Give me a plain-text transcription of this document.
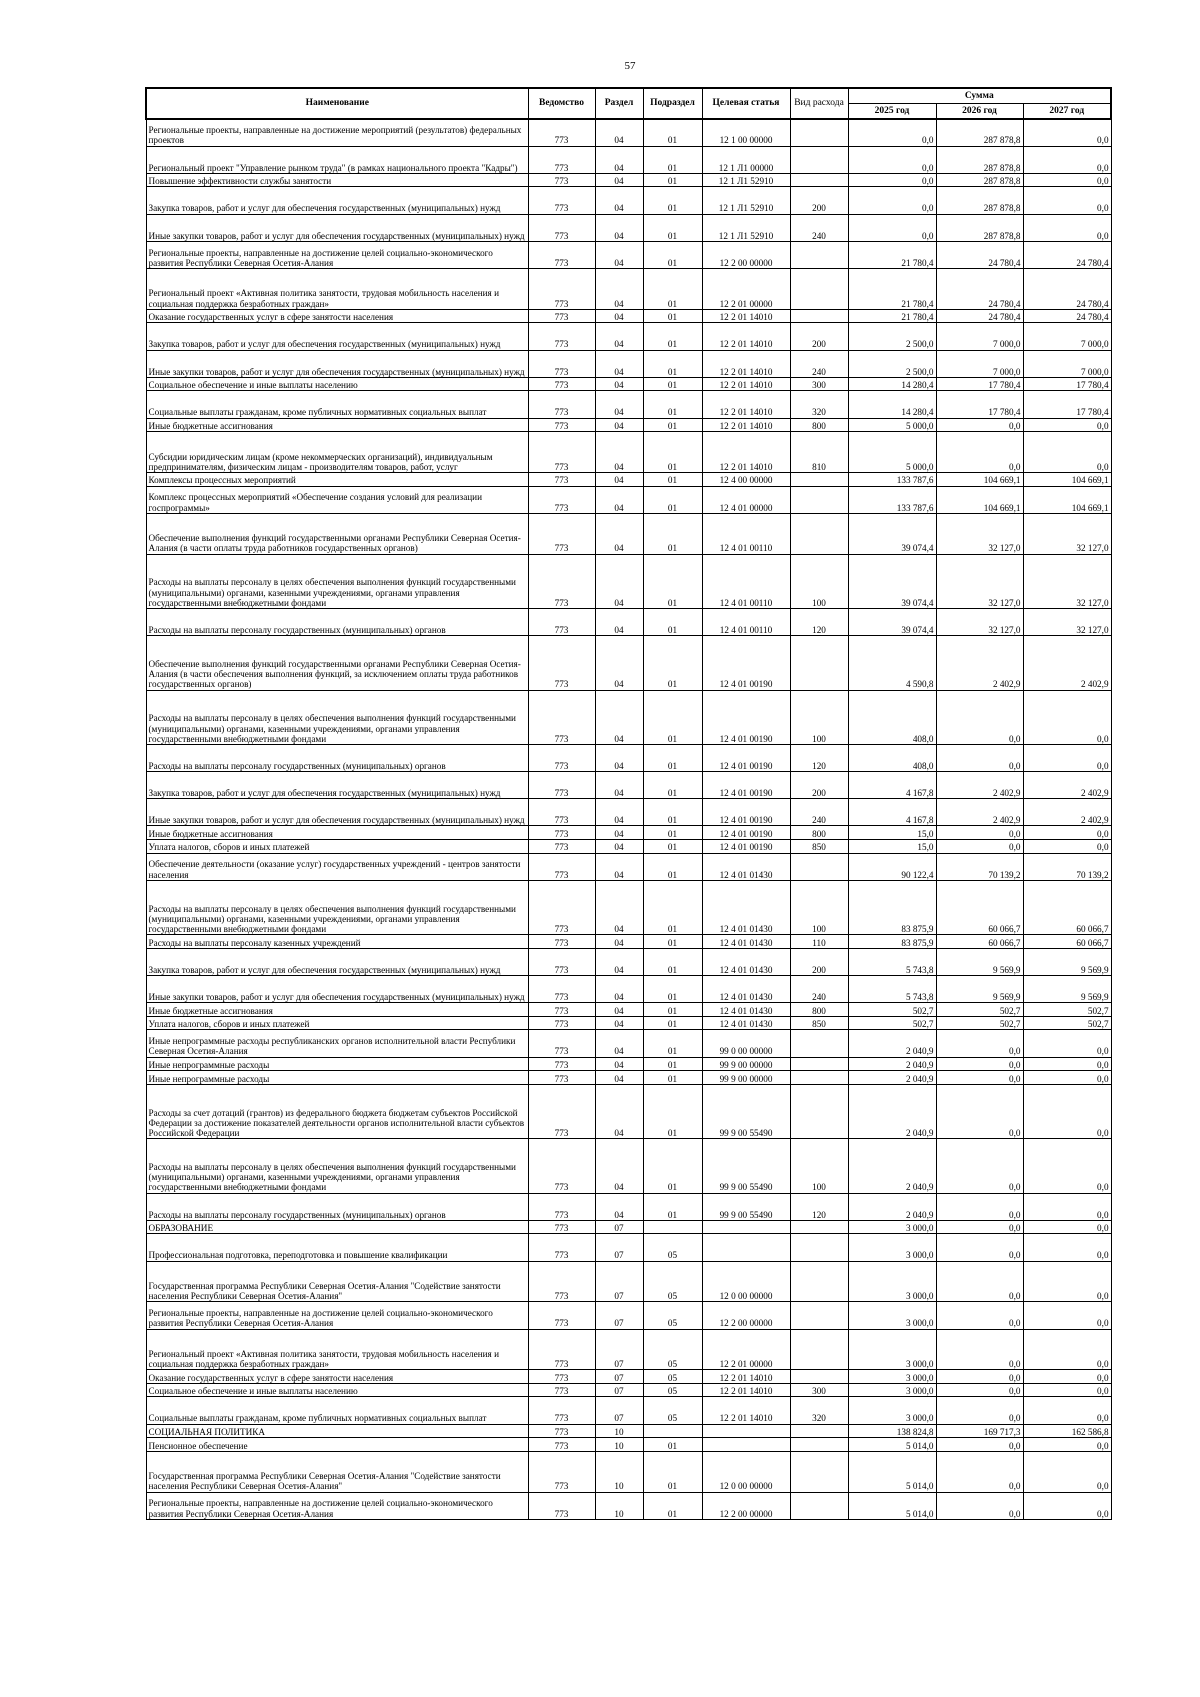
57
Наименование	Ведомство	Раздел	Подраздел	Целевая статья	Вид расхода	Сумма		
						2025 год	2026 год	2027 год
Региональные проекты, направленные на достижение мероприятий (результатов) федеральных проектов	773	04	01	12 1 00 00000		0,0	287 878,8	0,0
Региональный проект "Управление рынком труда" (в рамках национального проекта "Кадры")	773	04	01	12 1 Л1 00000		0,0	287 878,8	0,0
Повышение эффективности службы занятости	773	04	01	12 1 Л1 52910		0,0	287 878,8	0,0
Закупка товаров, работ и услуг для обеспечения государственных (муниципальных) нужд	773	04	01	12 1 Л1 52910	200	0,0	287 878,8	0,0
Иные закупки товаров, работ и услуг для обеспечения государственных (муниципальных) нужд	773	04	01	12 1 Л1 52910	240	0,0	287 878,8	0,0
Региональные проекты, направленные на достижение целей социально-экономического развития Республики Северная Осетия-Алания	773	04	01	12 2 00 00000		21 780,4	24 780,4	24 780,4
Региональный проект «Активная политика занятости, трудовая мобильность населения и социальная поддержка безработных граждан»	773	04	01	12 2 01 00000		21 780,4	24 780,4	24 780,4
Оказание государственных услуг в сфере занятости населения	773	04	01	12 2 01 14010		21 780,4	24 780,4	24 780,4
Закупка товаров, работ и услуг для обеспечения государственных (муниципальных) нужд	773	04	01	12 2 01 14010	200	2 500,0	7 000,0	7 000,0
Иные закупки товаров, работ и услуг для обеспечения государственных (муниципальных) нужд	773	04	01	12 2 01 14010	240	2 500,0	7 000,0	7 000,0
Социальное обеспечение и иные выплаты населению	773	04	01	12 2 01 14010	300	14 280,4	17 780,4	17 780,4
Социальные выплаты гражданам, кроме публичных нормативных социальных выплат	773	04	01	12 2 01 14010	320	14 280,4	17 780,4	17 780,4
Иные бюджетные ассигнования	773	04	01	12 2 01 14010	800	5 000,0	0,0	0,0
Субсидии юридическим лицам (кроме некоммерческих организаций), индивидуальным предпринимателям, физическим лицам - производителям товаров, работ, услуг	773	04	01	12 2 01 14010	810	5 000,0	0,0	0,0
Комплексы процессных мероприятий	773	04	01	12 4 00 00000		133 787,6	104 669,1	104 669,1
Комплекс процессных мероприятий «Обеспечение создания условий для реализации госпрограммы»	773	04	01	12 4 01 00000		133 787,6	104 669,1	104 669,1
Обеспечение выполнения функций государственными органами Республики Северная Осетия-Алания (в части оплаты труда работников государственных органов)	773	04	01	12 4 01 00110		39 074,4	32 127,0	32 127,0
Расходы на выплаты персоналу в целях обеспечения выполнения функций государственными (муниципальными) органами, казенными учреждениями, органами управления государственными внебюджетными фондами	773	04	01	12 4 01 00110	100	39 074,4	32 127,0	32 127,0
Расходы на выплаты персоналу государственных (муниципальных) органов	773	04	01	12 4 01 00110	120	39 074,4	32 127,0	32 127,0
Обеспечение выполнения функций государственными органами Республики Северная Осетия-Алания (в части обеспечения выполнения функций, за исключением оплаты труда работников государственных органов)	773	04	01	12 4 01 00190		4 590,8	2 402,9	2 402,9
Расходы на выплаты персоналу в целях обеспечения выполнения функций государственными (муниципальными) органами, казенными учреждениями, органами управления государственными внебюджетными фондами	773	04	01	12 4 01 00190	100	408,0	0,0	0,0
Расходы на выплаты персоналу государственных (муниципальных) органов	773	04	01	12 4 01 00190	120	408,0	0,0	0,0
Закупка товаров, работ и услуг для обеспечения государственных (муниципальных) нужд	773	04	01	12 4 01 00190	200	4 167,8	2 402,9	2 402,9
Иные закупки товаров, работ и услуг для обеспечения государственных (муниципальных) нужд	773	04	01	12 4 01 00190	240	4 167,8	2 402,9	2 402,9
Иные бюджетные ассигнования	773	04	01	12 4 01 00190	800	15,0	0,0	0,0
Уплата налогов, сборов и иных платежей	773	04	01	12 4 01 00190	850	15,0	0,0	0,0
Обеспечение деятельности (оказание услуг) государственных учреждений - центров занятости населения	773	04	01	12 4 01 01430		90 122,4	70 139,2	70 139,2
Расходы на выплаты персоналу в целях обеспечения выполнения функций государственными (муниципальными) органами, казенными учреждениями, органами управления государственными внебюджетными фондами	773	04	01	12 4 01 01430	100	83 875,9	60 066,7	60 066,7
Расходы на выплаты персоналу казенных учреждений	773	04	01	12 4 01 01430	110	83 875,9	60 066,7	60 066,7
Закупка товаров, работ и услуг для обеспечения государственных (муниципальных) нужд	773	04	01	12 4 01 01430	200	5 743,8	9 569,9	9 569,9
Иные закупки товаров, работ и услуг для обеспечения государственных (муниципальных) нужд	773	04	01	12 4 01 01430	240	5 743,8	9 569,9	9 569,9
Иные бюджетные ассигнования	773	04	01	12 4 01 01430	800	502,7	502,7	502,7
Уплата налогов, сборов и иных платежей	773	04	01	12 4 01 01430	850	502,7	502,7	502,7
Иные непрограммные расходы республиканских органов исполнительной власти Республики Северная Осетия-Алания	773	04	01	99 0 00 00000		2 040,9	0,0	0,0
Иные непрограммные расходы	773	04	01	99 9 00 00000		2 040,9	0,0	0,0
Иные непрограммные расходы	773	04	01	99 9 00 00000		2 040,9	0,0	0,0
Расходы за счет дотаций (грантов) из федерального бюджета бюджетам субъектов Российской Федерации за достижение показателей деятельности органов исполнительной власти субъектов Российской Федерации	773	04	01	99 9 00 55490		2 040,9	0,0	0,0
Расходы на выплаты персоналу в целях обеспечения выполнения функций государственными (муниципальными) органами, казенными учреждениями, органами управления государственными внебюджетными фондами	773	04	01	99 9 00 55490	100	2 040,9	0,0	0,0
Расходы на выплаты персоналу государственных (муниципальных) органов	773	04	01	99 9 00 55490	120	2 040,9	0,0	0,0
ОБРАЗОВАНИЕ	773	07				3 000,0	0,0	0,0
Профессиональная подготовка, переподготовка и повышение квалификации	773	07	05			3 000,0	0,0	0,0
Государственная программа Республики Северная Осетия-Алания "Содействие занятости населения Республики Северная Осетия-Алания"	773	07	05	12 0 00 00000		3 000,0	0,0	0,0
Региональные проекты, направленные на достижение целей социально-экономического развития Республики Северная Осетия-Алания	773	07	05	12 2 00 00000		3 000,0	0,0	0,0
Региональный проект «Активная политика занятости, трудовая мобильность населения и социальная поддержка безработных граждан»	773	07	05	12 2 01 00000		3 000,0	0,0	0,0
Оказание государственных услуг в сфере занятости населения	773	07	05	12 2 01 14010		3 000,0	0,0	0,0
Социальное обеспечение и иные выплаты населению	773	07	05	12 2 01 14010	300	3 000,0	0,0	0,0
Социальные выплаты гражданам, кроме публичных нормативных социальных выплат	773	07	05	12 2 01 14010	320	3 000,0	0,0	0,0
СОЦИАЛЬНАЯ ПОЛИТИКА	773	10				138 824,8	169 717,3	162 586,8
Пенсионное обеспечение	773	10	01			5 014,0	0,0	0,0
Государственная программа Республики Северная Осетия-Алания "Содействие занятости населения Республики Северная Осетия-Алания"	773	10	01	12 0 00 00000		5 014,0	0,0	0,0
Региональные проекты, направленные на достижение целей социально-экономического развития Республики Северная Осетия-Алания	773	10	01	12 2 00 00000		5 014,0	0,0	0,0
